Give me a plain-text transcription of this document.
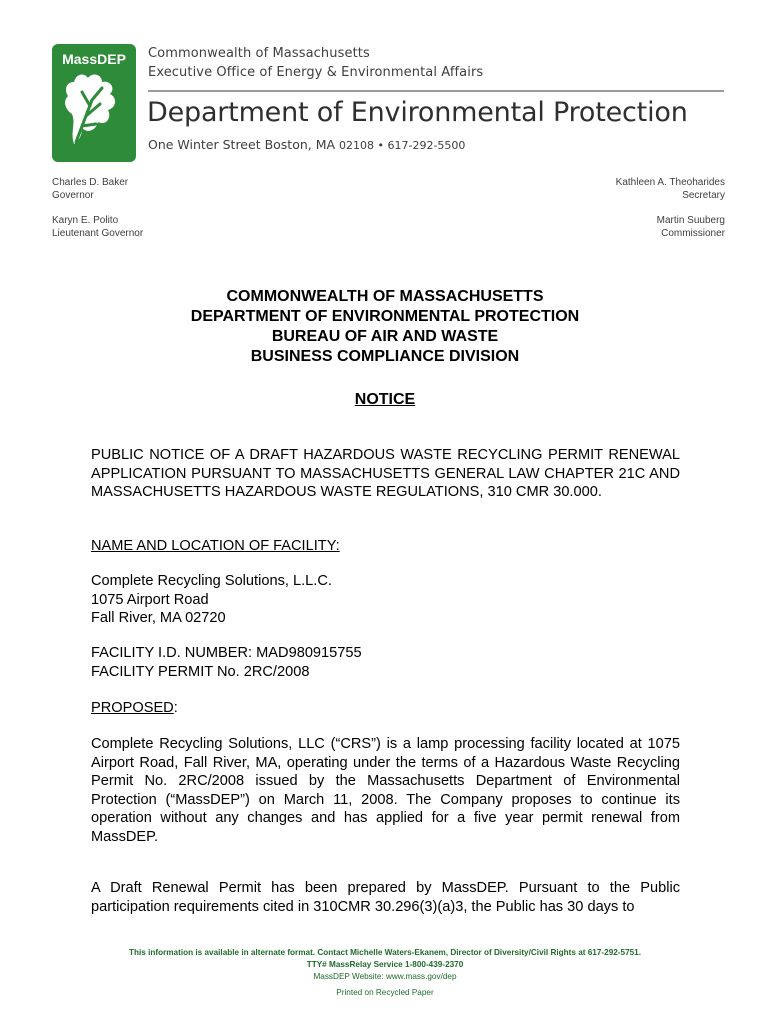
MassDEP Commonwealth of Massachusetts
Executive Office of Energy & Environmental Affairs
Department of Environmental Protection
One Winter Street Boston, MA 02108 • 617-292-5500
Charles D. Baker
Governor
Karyn E. Polito
Lieutenant Governor
Kathleen A. Theoharides
Secretary
Martin Suuberg
Commissioner
COMMONWEALTH OF MASSACHUSETTS
DEPARTMENT OF ENVIRONMENTAL PROTECTION
BUREAU OF AIR AND WASTE
BUSINESS COMPLIANCE DIVISION
NOTICE
PUBLIC NOTICE OF A DRAFT HAZARDOUS WASTE RECYCLING PERMIT RENEWAL APPLICATION PURSUANT TO MASSACHUSETTS GENERAL LAW CHAPTER 21C AND MASSACHUSETTS HAZARDOUS WASTE REGULATIONS, 310 CMR 30.000.
NAME AND LOCATION OF FACILITY:
Complete Recycling Solutions, L.L.C.
1075 Airport Road
Fall River, MA 02720
FACILITY I.D. NUMBER: MAD980915755
FACILITY PERMIT No. 2RC/2008
PROPOSED:
Complete Recycling Solutions, LLC (“CRS”) is a lamp processing facility located at 1075 Airport Road, Fall River, MA, operating under the terms of a Hazardous Waste Recycling Permit No. 2RC/2008 issued by the Massachusetts Department of Environmental Protection (“MassDEP”) on March 11, 2008. The Company proposes to continue its operation without any changes and has applied for a five year permit renewal from MassDEP.
A Draft Renewal Permit has been prepared by MassDEP. Pursuant to the Public participation requirements cited in 310CMR 30.296(3)(a)3, the Public has 30 days to
This information is available in alternate format. Contact Michelle Waters-Ekanem, Director of Diversity/Civil Rights at 617-292-5751.
TTY# MassRelay Service 1-800-439-2370
MassDEP Website: www.mass.gov/dep
Printed on Recycled Paper
